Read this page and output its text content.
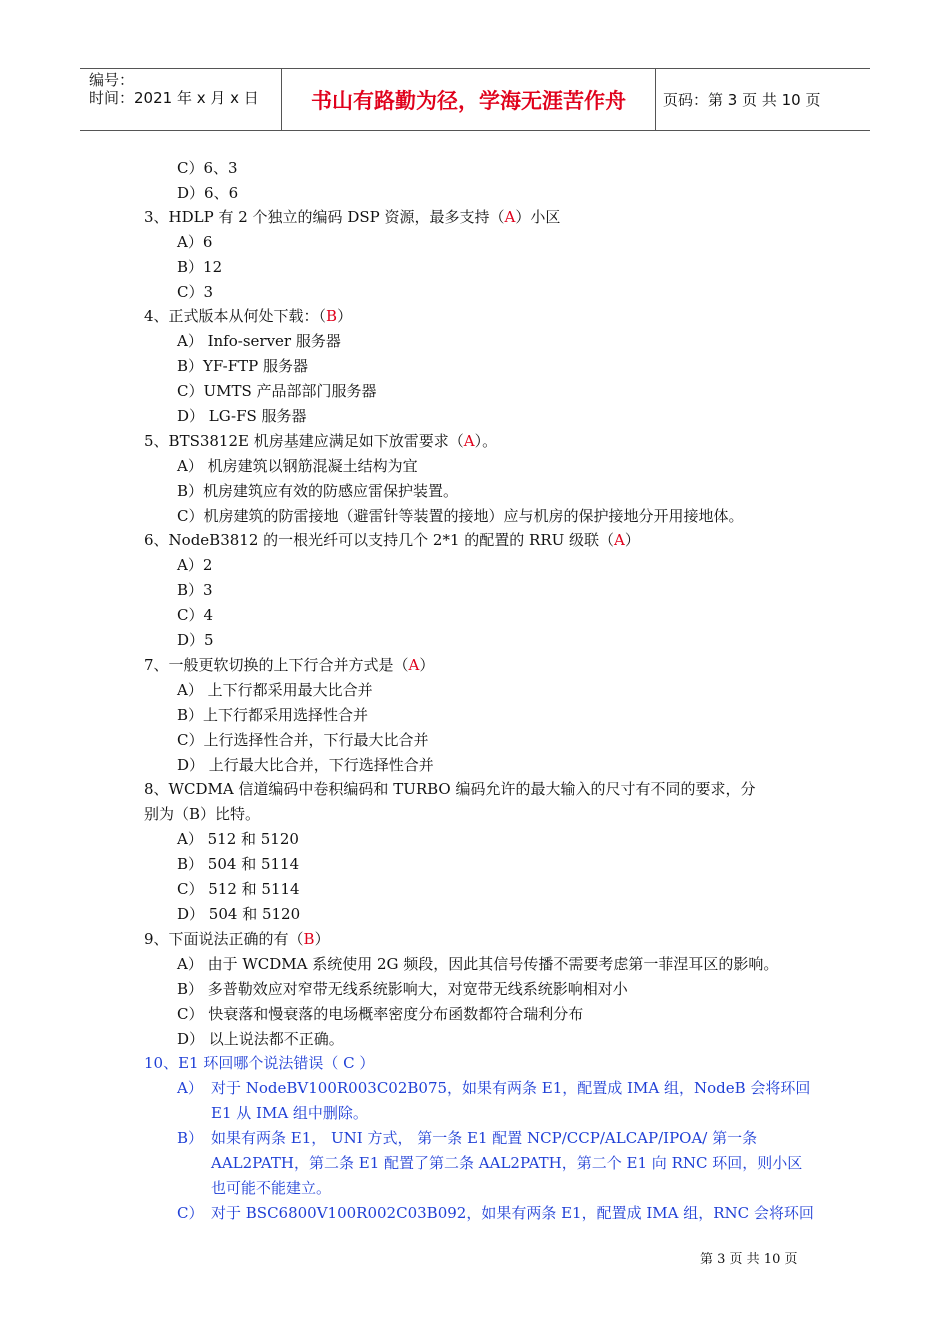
编号：
时间：2021 年 x 月 x 日	书山有路勤为径，学海无涯苦作舟	页码：第 3 页 共 10 页
C）6、3
D）6、6
3、HDLP 有 2 个独立的编码 DSP 资源，最多支持（A）小区
A）6
B）12
C）3
4、正式版本从何处下载：（B）
A） Info-server 服务器
B）YF-FTP 服务器
C）UMTS 产品部部门服务器
D） LG-FS 服务器
5、BTS3812E 机房基建应满足如下放雷要求（A）。
A） 机房建筑以钢筋混凝土结构为宜
B）机房建筑应有效的防感应雷保护装置。
C）机房建筑的防雷接地（避雷针等装置的接地）应与机房的保护接地分开用接地体。
6、NodeB3812 的一根光纤可以支持几个 2*1 的配置的 RRU 级联（A）
A）2
B）3
C）4
D）5
7、一般更软切换的上下行合并方式是（A）
A） 上下行都采用最大比合并
B）上下行都采用选择性合并
C）上行选择性合并，下行最大比合并
D） 上行最大比合并，下行选择性合并
8、WCDMA 信道编码中卷积编码和 TURBO 编码允许的最大输入的尺寸有不同的要求，分
别为（B）比特。
A） 512 和 5120
B） 504 和 5114
C） 512 和 5114
D） 504 和 5120
9、下面说法正确的有（B）
A） 由于 WCDMA 系统使用 2G 频段，因此其信号传播不需要考虑第一菲涅耳区的影响。
B） 多普勒效应对窄带无线系统影响大，对宽带无线系统影响相对小
C） 快衰落和慢衰落的电场概率密度分布函数都符合瑞利分布
D） 以上说法都不正确。
10、E1 环回哪个说法错误（ C ）
A） 对于 NodeBV100R003C02B075，如果有两条 E1，配置成 IMA 组，NodeB 会将环回
E1 从 IMA 组中删除。
B） 如果有两条 E1， UNI 方式， 第一条 E1 配置 NCP/CCP/ALCAP/IPOA/ 第一条
AAL2PATH，第二条 E1 配置了第二条 AAL2PATH，第二个 E1 向 RNC 环回，则小区
也可能不能建立。
C） 对于 BSC6800V100R002C03B092，如果有两条 E1，配置成 IMA 组，RNC 会将环回
第 3 页 共 10 页
